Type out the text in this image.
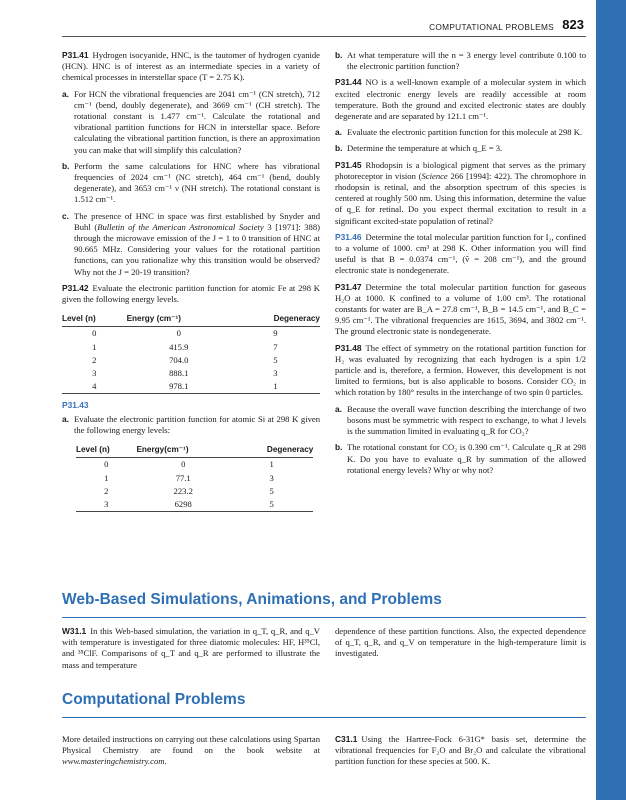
COMPUTATIONAL PROBLEMS 823

P31.41 Hydrogen isocyanide, HNC, is the tautomer of hydrogen cyanide (HCN). HNC is of interest as an intermediate species in a variety of chemical processes in interstellar space (T = 2.75 K).

a. For HCN the vibrational frequencies are 2041 cm⁻¹ (CN stretch), 712 cm⁻¹ (bend, doubly degenerate), and 3669 cm⁻¹ (CH stretch). The rotational constant is 1.477 cm⁻¹. Calculate the rotational and vibrational partition functions for HCN in interstellar space. Before calculating the vibrational partition function, is there an approximation you can make that will simplify this calculation?
b. Perform the same calculations for HNC where has vibrational frequencies of 2024 cm⁻¹ (NC stretch), 464 cm⁻¹ (bend, doubly degenerate), and 3653 cm⁻¹ ν (NH stretch). The rotational constant is 1.512 cm⁻¹.
c. The presence of HNC in space was first established by Snyder and Buhl (Bulletin of the American Astronomical Society 3 [1971]: 388) through the microwave emission of the J = 1 to 0 transition of HNC at 90.665 MHz. Considering your values for the rotational partition functions, can you rationalize why this transition would be observed? Why not the J = 20-19 transition?

P31.42 Evaluate the electronic partition function for atomic Fe at 298 K given the following energy levels.

Level (n)	Energy (cm⁻¹)	Degeneracy
0	0	9
1	415.9	7
2	704.0	5
3	888.1	3
4	978.1	1

P31.43

a. Evaluate the electronic partition function for atomic Si at 298 K given the following energy levels:
Level (n)	Energy(cm⁻¹)	Degeneracy
0	0	1
1	77.1	3
2	223.2	5
3	6298	5
b. At what temperature will the n = 3 energy level contribute 0.100 to the electronic partition function?

P31.44 NO is a well-known example of a molecular system in which excited electronic energy levels are readily accessible at room temperature. Both the ground and excited electronic states are doubly degenerate and are separated by 121.1 cm⁻¹.

a. Evaluate the electronic partition function for this molecule at 298 K.
b. Determine the temperature at which q_E = 3.

P31.45 Rhodopsin is a biological pigment that serves as the primary photoreceptor in vision (Science 266 [1994]: 422). The chromophore in rhodopsin is retinal, and the absorption spectrum of this species is centered at roughly 500 nm. Using this information, determine the value of q_E for retinal. Do you expect thermal excitation to result in a significant excited-state population of retinal?

P31.46 Determine the total molecular partition function for I₂, confined to a volume of 1000. cm³ at 298 K. Other information you will find useful is that B = 0.0374 cm⁻¹, (ṽ = 208 cm⁻¹), and the ground electronic state is nondegenerate.

P31.47 Determine the total molecular partition function for gaseous H₂O at 1000. K confined to a volume of 1.00 cm³. The rotational constants for water are B_A = 27.8 cm⁻¹, B_B = 14.5 cm⁻¹, and B_C = 9.95 cm⁻¹. The vibrational frequencies are 1615, 3694, and 3802 cm⁻¹. The ground electronic state is nondegenerate.

P31.48 The effect of symmetry on the rotational partition function for H₂ was evaluated by recognizing that each hydrogen is a spin 1/2 particle and is, therefore, a fermion. However, this development is not limited to fermions, but is also applicable to bosons. Consider CO₂ in which rotation by 180° results in the interchange of two spin 0 particles.

a. Because the overall wave function describing the interchange of two bosons must be symmetric with respect to exchange, to what J levels is the summation limited in evaluating q_R for CO₂?
b. The rotational constant for CO₂ is 0.390 cm⁻¹. Calculate q_R at 298 K. Do you have to evaluate q_R by summation of the allowed rotational energy levels? Why or why not?
Web-Based Simulations, Animations, and Problems

W31.1 In this Web-based simulation, the variation in q_T, q_R, and q_V with temperature is investigated for three diatomic molecules: HF, H³⁵Cl, and ³⁵ClF. Comparisons of q_T and q_R are performed to illustrate the mass and temperature

dependence of these partition functions. Also, the expected dependence of q_T, q_R, and q_V on temperature in the high-temperature limit is investigated.

Computational Problems

More detailed instructions on carrying out these calculations using Spartan Physical Chemistry are found on the book website at www.masteringchemistry.com.

C31.1 Using the Hartree-Fock 6-31G* basis set, determine the vibrational frequencies for F₂O and Br₂O and calculate the vibrational partition function for these species at 500. K.
